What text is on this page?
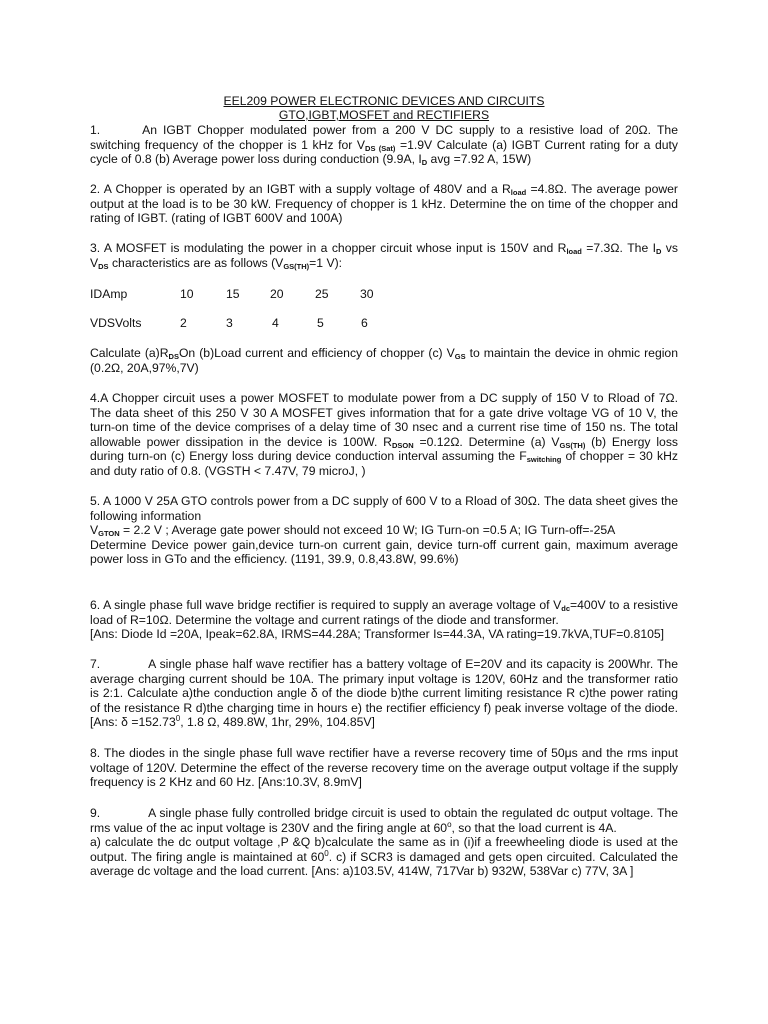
EEL209 POWER ELECTRONIC DEVICES AND CIRCUITS
GTO,IGBT,MOSFET and RECTIFIERS
1.	An IGBT Chopper modulated power from a 200 V DC supply to a resistive load of 20Ω. The switching frequency of the chopper is 1 kHz for $V_{DS (Sat)} =1.9V$ Calculate (a) IGBT Current rating for a duty cycle of 0.8 (b) Average power loss during conduction (9.9A, $I_D$ avg =7.92 A, 15W)
2. A Chopper is operated by an IGBT with a supply voltage of 480V and a $R_{load} =4.8\Omega$. The average power output at the load is to be 30 kW. Frequency of chopper is 1 kHz. Determine the on time of the chopper and rating of IGBT. (rating of IGBT 600V and 100A)
3. A MOSFET is modulating the power in a chopper circuit whose input is 150V and $R_{load} =7.3\Omega$. The $I_D$ vs $V_{DS}$ characteristics are as follows ($V_{GS(TH)}=1$ V):
IDAmp	10	15 20	25	30
VDSVolts	2	3	4	5	6
Calculate $(a)R_{DS}On$ (b)Load current and efficiency of chopper (c) $V_{GS}$ to maintain the device in ohmic region (0.2Ω, 20A,97%,7V)
4.A Chopper circuit uses a power MOSFET to modulate power from a DC supply of 150 V to Rload of 7Ω. The data sheet of this 250 V 30 A MOSFET gives information that for a gate drive voltage VG of 10 V, the turn-on time of the device comprises of a delay time of 30 nsec and a current rise time of 150 ns. The total allowable power dissipation in the device is 100W. $R_{DSON} =0.12\Omega$. Determine (a) $V_{GS(TH)}$ (b) Energy loss during turn-on (c) Energy loss during device conduction interval assuming the $F_{switching}$ of chopper = 30 kHz and duty ratio of 0.8. (VGSTH < 7.47V, 79 microJ, )
5. A 1000 V 25A GTO controls power from a DC supply of 600 V to a Rload of 30Ω. The data sheet gives the following information
$V_{GTON} = 2.2$ V ; Average gate power should not exceed 10 W; IG Turn-on =0.5 A; IG Turn-off=-25A
Determine Device power gain,device turn-on current gain, device turn-off current gain, maximum average power loss in GTo and the efficiency. (1191, 39.9, 0.8,43.8W, 99.6%)
6. A single phase full wave bridge rectifier is required to supply an average voltage of $V_{dc}=400V$ to a resistive load of R=10Ω. Determine the voltage and current ratings of the diode and transformer.
[Ans: Diode Id =20A, Ipeak=62.8A, IRMS=44.28A; Transformer Is=44.3A, VA rating=19.7kVA,TUF=0.8105]
7.	A single phase half wave rectifier has a battery voltage of E=20V and its capacity is 200Whr. The average charging current should be 10A. The primary input voltage is 120V, 60Hz and the transformer ratio is 2:1. Calculate a)the conduction angle δ of the diode b)the current limiting resistance R c)the power rating of the resistance R d)the charging time in hours e) the rectifier efficiency f) peak inverse voltage of the diode. [Ans: $\delta =152.73^0$, 1.8 Ω, 489.8W, 1hr, 29%, 104.85V]
8. The diodes in the single phase full wave rectifier have a reverse recovery time of 50μs and the rms input voltage of 120V. Determine the effect of the reverse recovery time on the average output voltage if the supply frequency is 2 KHz and 60 Hz. [Ans:10.3V, 8.9mV]
9.	A single phase fully controlled bridge circuit is used to obtain the regulated dc output voltage. The rms value of the ac input voltage is 230V and the firing angle at 60$^o$, so that the load current is 4A.
a) calculate the dc output voltage ,P &Q b)calculate the same as in (i)if a freewheeling diode is used at the output. The firing angle is maintained at $60^0$. c) if SCR3 is damaged and gets open circuited. Calculated the average dc voltage and the load current. [Ans: a)103.5V, 414W, 717Var b) 932W, 538Var c) 77V, 3A ]
